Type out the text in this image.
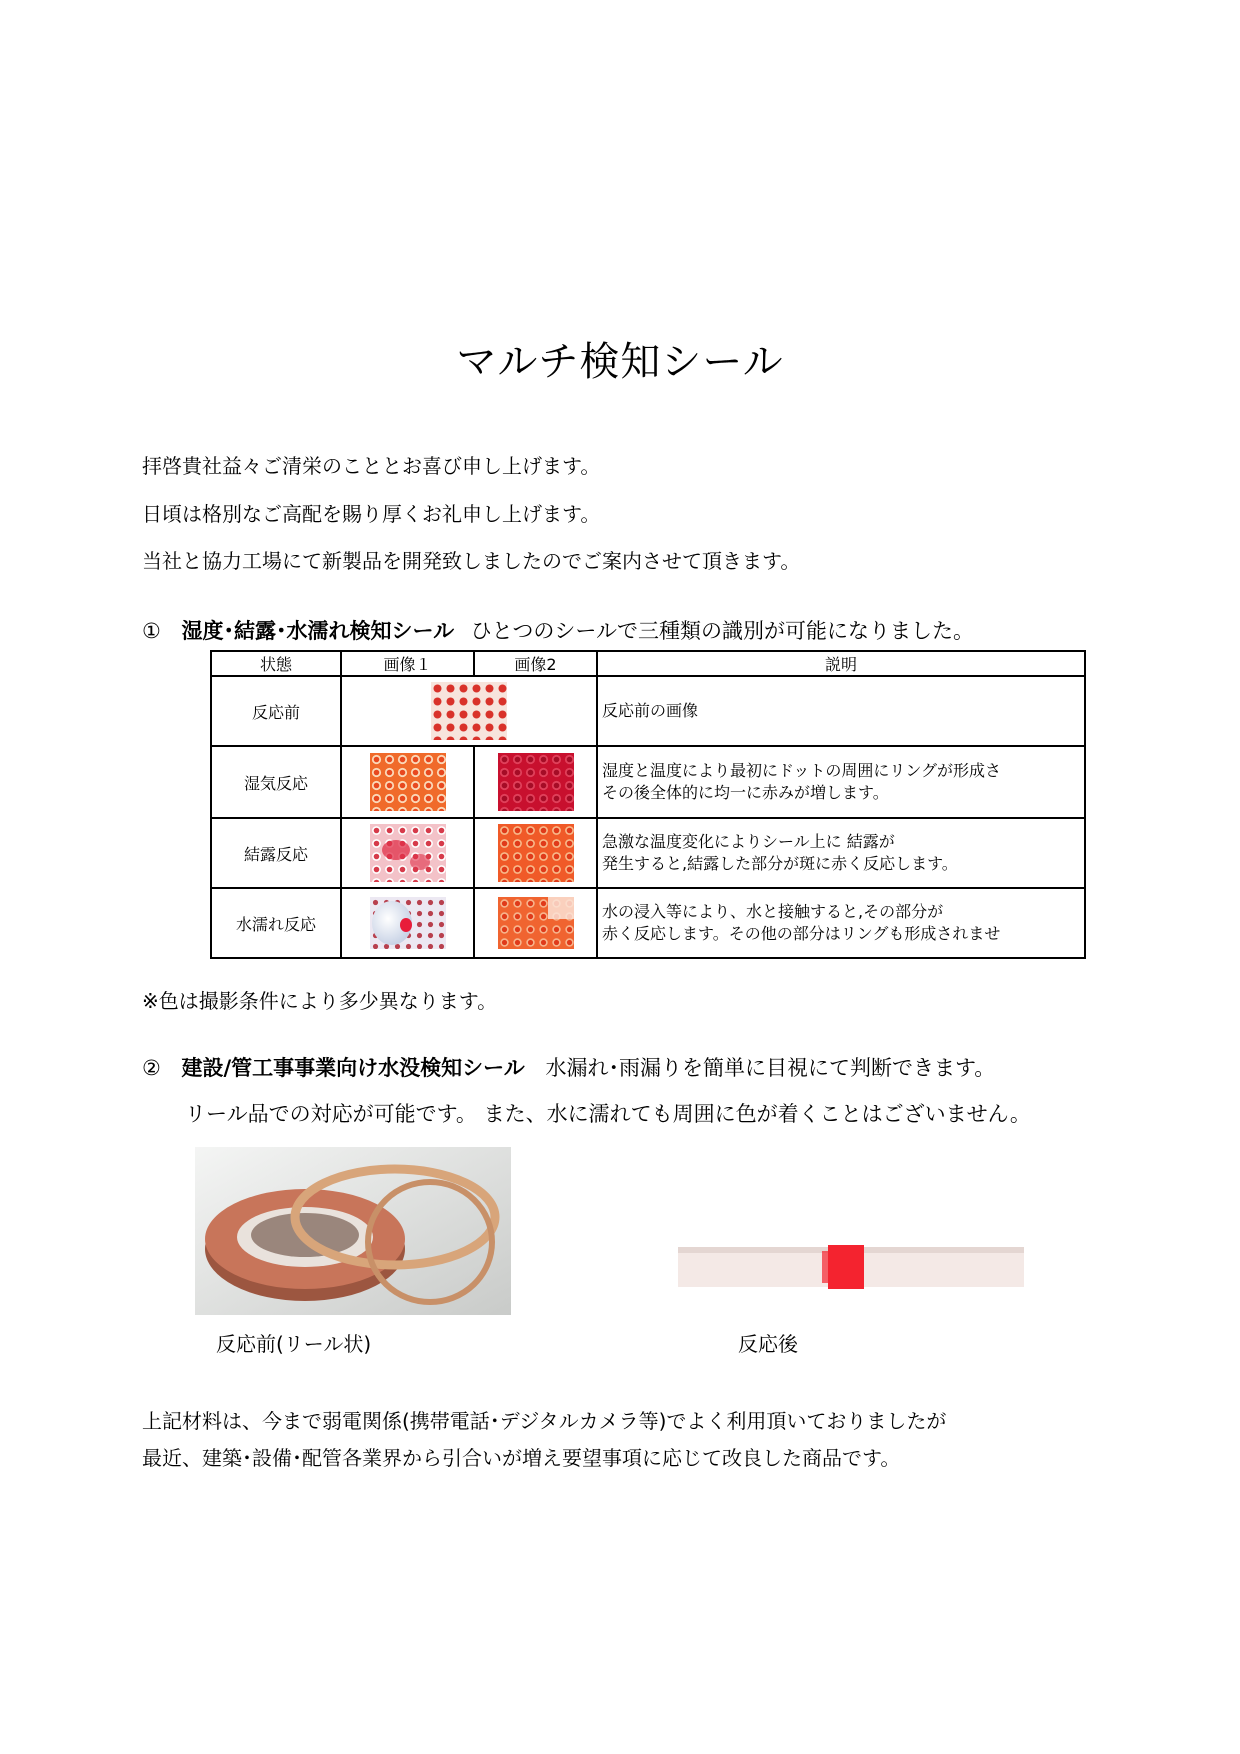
マルチ検知シール
拝啓貴社益々ご清栄のこととお喜び申し上げます。
日頃は格別なご高配を賜り厚くお礼申し上げます。
当社と協力工場にて新製品を開発致しましたのでご案内させて頂きます。
① 湿度･結露･水濡れ検知シール ひとつのシールで三種類の識別が可能になりました。
状態	画像１	画像2	説明
反応前			反応前の画像

湿気反応			湿度と温度により最初にドットの周囲にリングが形成さ
その後全体的に均一に赤みが増します。

結露反応			急激な温度変化によりシール上に 結露が
発生すると,結露した部分が斑に赤く反応します。

水濡れ反応			水の浸入等により、水と接触すると,その部分が
赤く反応します。その他の部分はリングも形成されませ
※色は撮影条件により多少異なります。
② 建設/管工事事業向け水没検知シール 水漏れ･雨漏りを簡単に目視にて判断できます。
リール品での対応が可能です。 また、水に濡れても周囲に色が着くことはございません。
反応前(リール状)	反応後
上記材料は、今まで弱電関係(携帯電話･デジタルカメラ等)でよく利用頂いておりましたが
最近、建築･設備･配管各業界から引合いが増え要望事項に応じて改良した商品です。
